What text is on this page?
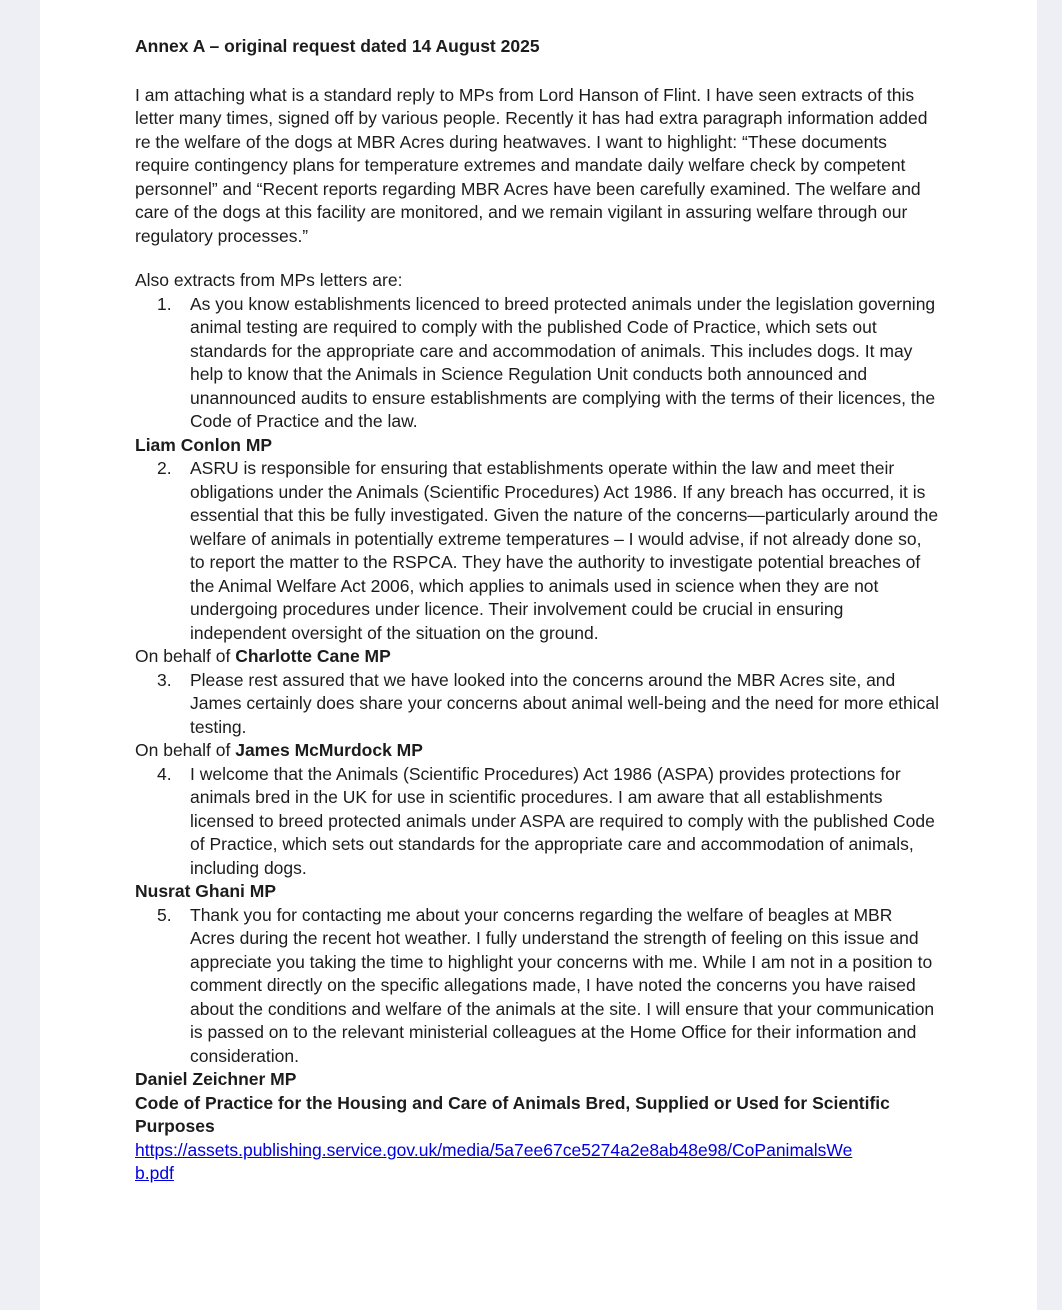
Annex A – original request dated 14 August 2025

I am attaching what is a standard reply to MPs from Lord Hanson of Flint. I have seen extracts of this letter many times, signed off by various people. Recently it has had extra paragraph information added re the welfare of the dogs at MBR Acres during heatwaves. I want to highlight: “These documents require contingency plans for temperature extremes and mandate daily welfare check by competent personnel” and “Recent reports regarding MBR Acres have been carefully examined. The welfare and care of the dogs at this facility are monitored, and we remain vigilant in assuring welfare through our regulatory processes.”

Also extracts from MPs letters are:

1. As you know establishments licenced to breed protected animals under the legislation governing animal testing are required to comply with the published Code of Practice, which sets out standards for the appropriate care and accommodation of animals. This includes dogs. It may help to know that the Animals in Science Regulation Unit conducts both announced and unannounced audits to ensure establishments are complying with the terms of their licences, the Code of Practice and the law.

Liam Conlon MP

2. ASRU is responsible for ensuring that establishments operate within the law and meet their obligations under the Animals (Scientific Procedures) Act 1986. If any breach has occurred, it is essential that this be fully investigated. Given the nature of the concerns—particularly around the welfare of animals in potentially extreme temperatures – I would advise, if not already done so, to report the matter to the RSPCA. They have the authority to investigate potential breaches of the Animal Welfare Act 2006, which applies to animals used in science when they are not undergoing procedures under licence. Their involvement could be crucial in ensuring independent oversight of the situation on the ground.

On behalf of Charlotte Cane MP

3. Please rest assured that we have looked into the concerns around the MBR Acres site, and James certainly does share your concerns about animal well-being and the need for more ethical testing.

On behalf of James McMurdock MP

4. I welcome that the Animals (Scientific Procedures) Act 1986 (ASPA) provides protections for animals bred in the UK for use in scientific procedures. I am aware that all establishments licensed to breed protected animals under ASPA are required to comply with the published Code of Practice, which sets out standards for the appropriate care and accommodation of animals, including dogs.

Nusrat Ghani MP

5. Thank you for contacting me about your concerns regarding the welfare of beagles at MBR Acres during the recent hot weather. I fully understand the strength of feeling on this issue and appreciate you taking the time to highlight your concerns with me. While I am not in a position to comment directly on the specific allegations made, I have noted the concerns you have raised about the conditions and welfare of the animals at the site. I will ensure that your communication is passed on to the relevant ministerial colleagues at the Home Office for their information and consideration.

Daniel Zeichner MP

Code of Practice for the Housing and Care of Animals Bred, Supplied or Used for Scientific Purposes

https://assets.publishing.service.gov.uk/media/5a7ee67ce5274a2e8ab48e98/CoPanimalsWeb.pdf
